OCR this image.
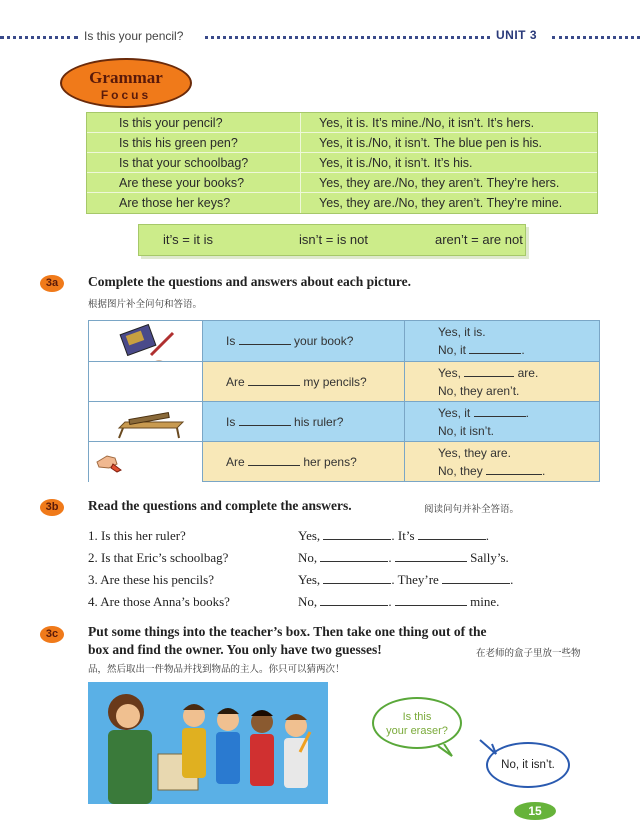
Is this your pencil?	UNIT 3
Grammar
Focus
Is this your pencil?	Yes, it is. It’s mine./No, it isn’t. It’s hers.
Is this his green pen?	Yes, it is./No, it isn’t. The blue pen is his.
Is that your schoolbag?	Yes, it is./No, it isn’t. It’s his.
Are these your books?	Yes, they are./No, they aren’t. They’re hers.
Are those her keys?	Yes, they are./No, they aren’t. They’re mine.
it’s = it is	isn’t = is not	aren’t = are not
3a	Complete the questions and answers about each picture.
根据图片补全问句和答语。
Is	your book?
Yes, it is.
No, it	.
Are	my pencils?
Yes,	are.
No, they aren’t.
Is	his ruler?
Yes, it	.
No, it isn’t.
Are	her pens?
Yes, they are.
No, they	.
3b	Read the questions and complete the answers.	阅读问句并补全答语。
1. Is this her ruler?	Yes,	. It’s	.
2. Is that Eric’s schoolbag?	No,	.	Sally’s.
3. Are these his pencils?	Yes,	. They’re	.
4. Are those Anna’s books?	No,	.	mine.
3c	Put some things into the teacher’s box. Then take one thing out of the
box and find the owner. You only have two guesses!	在老师的盒子里放一些物
品，然后取出一件物品并找到物品的主人。你只可以猜两次！
Is this
your eraser?
No, it isn’t.
15
